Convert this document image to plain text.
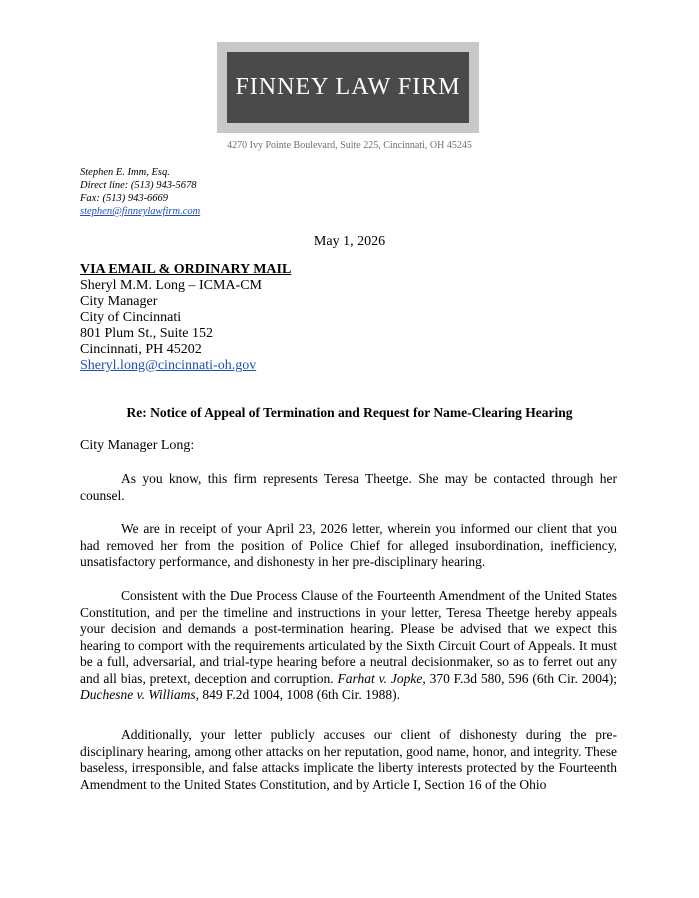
FINNEY LAW FIRM
4270 Ivy Pointe Boulevard, Suite 225, Cincinnati, OH 45245
Stephen E. Imm, Esq.
Direct line: (513) 943-5678
Fax: (513) 943-6669
stephen@finneylawfirm.com
May 1, 2026
VIA EMAIL & ORDINARY MAIL
Sheryl M.M. Long – ICMA-CM
City Manager
City of Cincinnati
801 Plum St., Suite 152
Cincinnati, PH 45202
Sheryl.long@cincinnati-oh.gov
Re: Notice of Appeal of Termination and Request for Name-Clearing Hearing
City Manager Long:
As you know, this firm represents Teresa Theetge. She may be contacted through her counsel.
We are in receipt of your April 23, 2026 letter, wherein you informed our client that you had removed her from the position of Police Chief for alleged insubordination, inefficiency, unsatisfactory performance, and dishonesty in her pre-disciplinary hearing.
Consistent with the Due Process Clause of the Fourteenth Amendment of the United States Constitution, and per the timeline and instructions in your letter, Teresa Theetge hereby appeals your decision and demands a post-termination hearing. Please be advised that we expect this hearing to comport with the requirements articulated by the Sixth Circuit Court of Appeals. It must be a full, adversarial, and trial-type hearing before a neutral decisionmaker, so as to ferret out any and all bias, pretext, deception and corruption. Farhat v. Jopke, 370 F.3d 580, 596 (6th Cir. 2004); Duchesne v. Williams, 849 F.2d 1004, 1008 (6th Cir. 1988).
Additionally, your letter publicly accuses our client of dishonesty during the pre-disciplinary hearing, among other attacks on her reputation, good name, honor, and integrity. These baseless, irresponsible, and false attacks implicate the liberty interests protected by the Fourteenth Amendment to the United States Constitution, and by Article I, Section 16 of the Ohio
